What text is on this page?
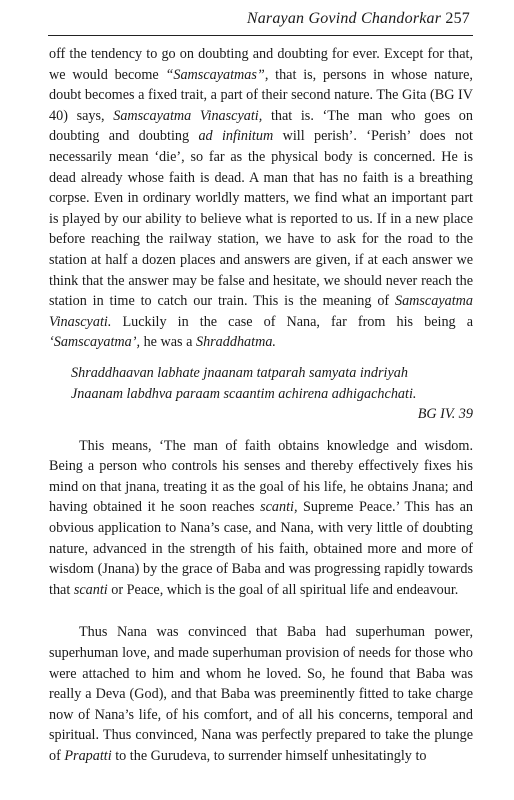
Narayan Govind Chandorkar 257

off the tendency to go on doubting and doubting for ever. Except for that, we would become “Samscayatmas”, that is, persons in whose nature, doubt becomes a fixed trait, a part of their second nature. The Gita (BG IV 40) says, Samscayatma Vinascyati, that is. ‘The man who goes on doubting and doubting ad infinitum will perish’. ‘Perish’ does not necessarily mean ‘die’, so far as the physical body is concerned. He is dead already whose faith is dead. A man that has no faith is a breathing corpse. Even in ordinary worldly matters, we find what an important part is played by our ability to believe what is reported to us. If in a new place before reaching the railway station, we have to ask for the road to the station at half a dozen places and answers are given, if at each answer we think that the answer may be false and hesitate, we should never reach the station in time to catch our train. This is the meaning of Samscayatma Vinascyati. Luckily in the case of Nana, far from his being a ‘Samscayatma’, he was a Shraddhatma.

Shraddhaavan labhate jnaanam tatparah samyata indriyah
Jnaanam labdhva paraam scaantim achirena adhigachchati.
BG IV. 39

This means, ‘The man of faith obtains knowledge and wisdom. Being a person who controls his senses and thereby effectively fixes his mind on that jnana, treating it as the goal of his life, he obtains Jnana; and having obtained it he soon reaches scanti, Supreme Peace.’ This has an obvious application to Nana’s case, and Nana, with very little of doubting nature, advanced in the strength of his faith, obtained more and more of wisdom (Jnana) by the grace of Baba and was progressing rapidly towards that scanti or Peace, which is the goal of all spiritual life and endeavour.

Thus Nana was convinced that Baba had superhuman power, superhuman love, and made superhuman provision of needs for those who were attached to him and whom he loved. So, he found that Baba was really a Deva (God), and that Baba was preeminently fitted to take charge now of Nana’s life, of his comfort, and of all his concerns, temporal and spiritual. Thus convinced, Nana was perfectly prepared to take the plunge of Prapatti to the Gurudeva, to surrender himself unhesitatingly to
